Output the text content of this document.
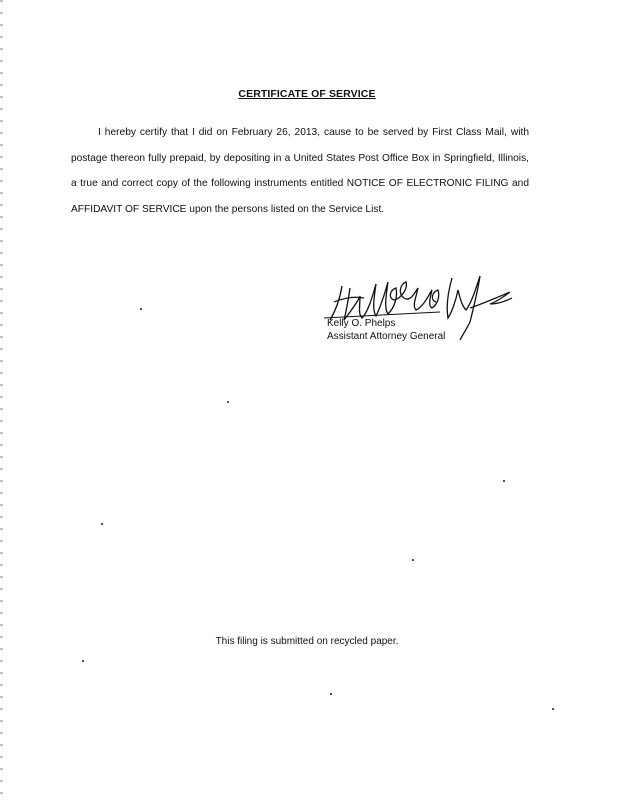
CERTIFICATE OF SERVICE

I hereby certify that I did on February 26, 2013, cause to be served by First Class Mail, with postage thereon fully prepaid, by depositing in a United States Post Office Box in Springfield, Illinois, a true and correct copy of the following instruments entitled NOTICE OF ELECTRONIC FILING and AFFIDAVIT OF SERVICE upon the persons listed on the Service List.

Kelly O. Phelps
Assistant Attorney General
This filing is submitted on recycled paper.
